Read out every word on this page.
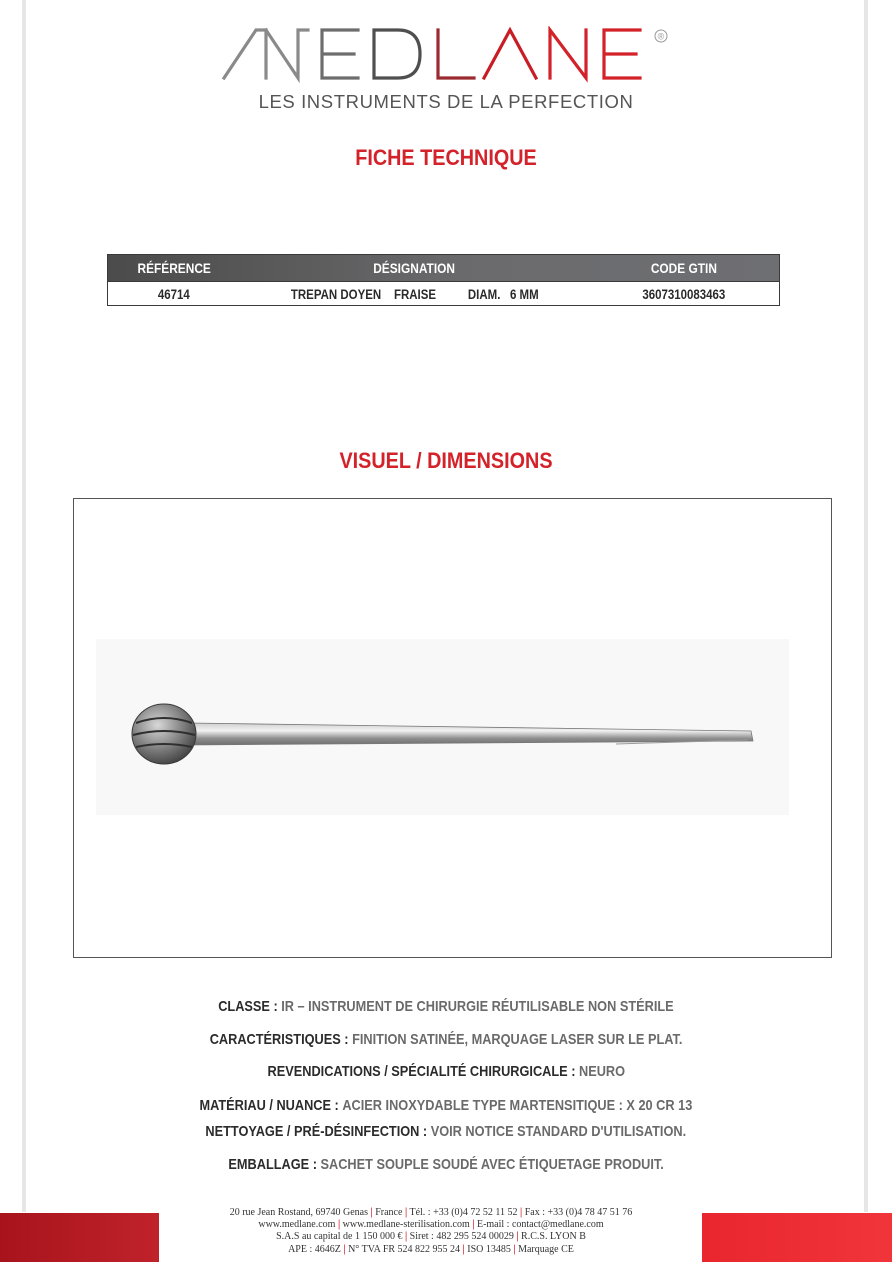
®
LES INSTRUMENTS DE LA PERFECTION
FICHE TECHNIQUE
RÉFÉRENCE	DÉSIGNATION	CODE GTIN
46714	TREPAN DOYEN    FRAISE          DIAM.   6 MM	3607310083463
VISUEL / DIMENSIONS
CLASSE : IR – INSTRUMENT DE CHIRURGIE RÉUTILISABLE NON STÉRILE
CARACTÉRISTIQUES : FINITION SATINÉE, MARQUAGE LASER SUR LE PLAT.
REVENDICATIONS / SPÉCIALITÉ CHIRURGICALE : NEURO
MATÉRIAU / NUANCE : ACIER INOXYDABLE TYPE MARTENSITIQUE : X 20 CR 13
NETTOYAGE / PRÉ-DÉSINFECTION : VOIR NOTICE STANDARD D'UTILISATION.
EMBALLAGE : SACHET SOUPLE SOUDÉ AVEC ÉTIQUETAGE PRODUIT.
20 rue Jean Rostand, 69740 Genas | France | Tél. : +33 (0)4 72 52 11 52 | Fax : +33 (0)4 78 47 51 76
www.medlane.com | www.medlane-sterilisation.com | E-mail : contact@medlane.com
S.A.S au capital de 1 150 000 € | Siret : 482 295 524 00029 | R.C.S. LYON B
APE : 4646Z | N° TVA FR 524 822 955 24 | ISO 13485 | Marquage CE
